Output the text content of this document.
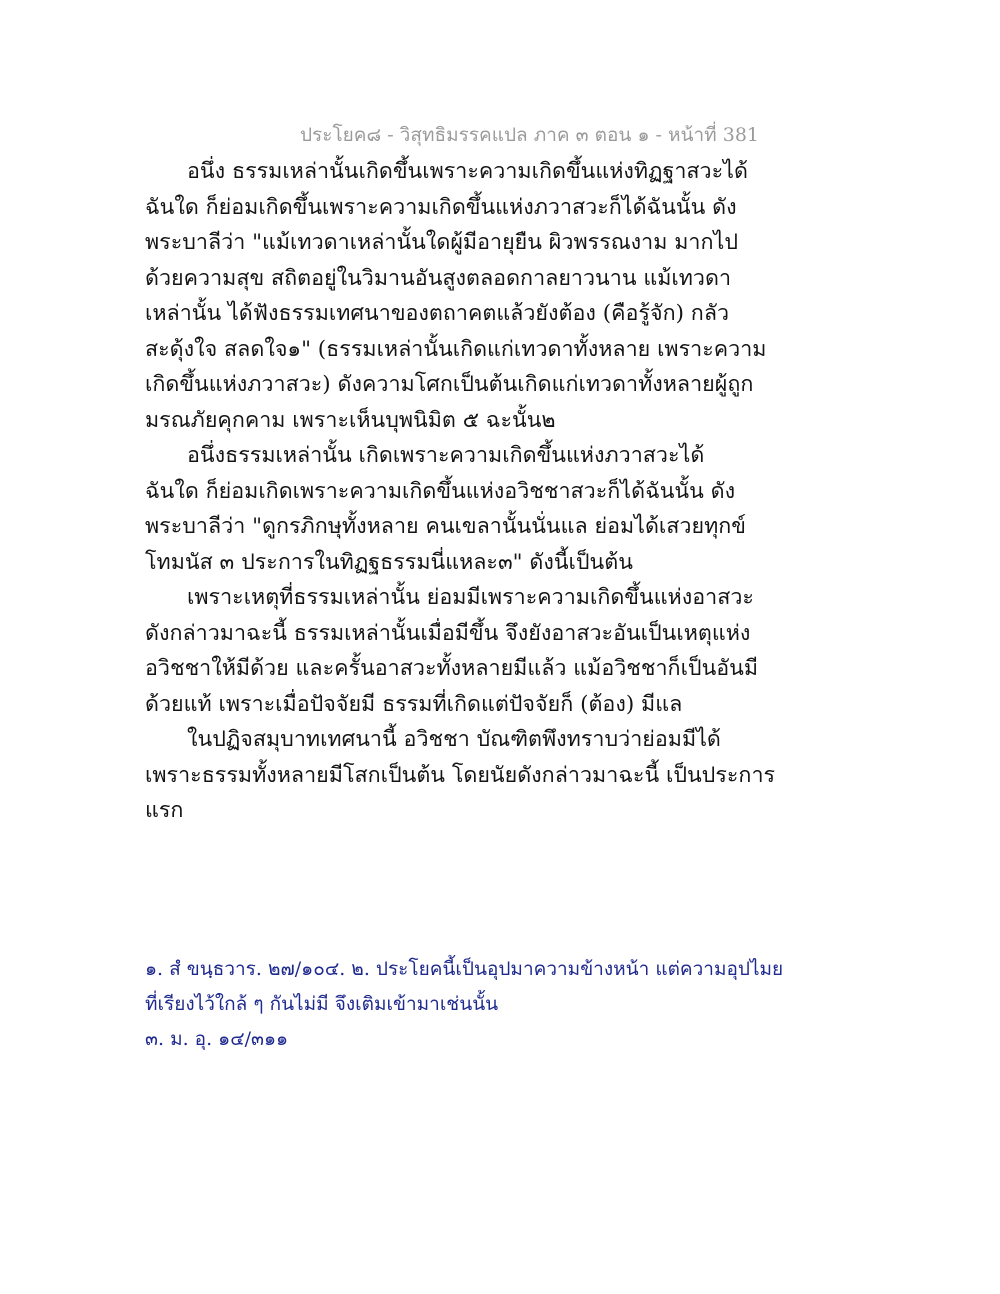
ประโยค๘ - วิสุทธิมรรคแปล ภาค ๓ ตอน ๑ - หน้าที่ 381
อนึ่ง ธรรมเหล่านั้นเกิดขึ้นเพราะความเกิดขึ้นแห่งทิฏฐาสวะได้
ฉันใด ก็ย่อมเกิดขึ้นเพราะความเกิดขึ้นแห่งภวาสวะก็ได้ฉันนั้น ดัง
พระบาลีว่า "แม้เทวดาเหล่านั้นใดผู้มีอายุยืน ผิวพรรณงาม มากไป
ด้วยความสุข สถิตอยู่ในวิมานอันสูงตลอดกาลยาวนาน แม้เทวดา
เหล่านั้น ได้ฟังธรรมเทศนาของตถาคตแล้วยังต้อง (คือรู้จัก) กลัว
สะดุ้งใจ สลดใจ๑" (ธรรมเหล่านั้นเกิดแก่เทวดาทั้งหลาย เพราะความ
เกิดขึ้นแห่งภวาสวะ) ดังความโศกเป็นต้นเกิดแก่เทวดาทั้งหลายผู้ถูก
มรณภัยคุกคาม เพราะเห็นบุพนิมิต ๕ ฉะนั้น๒
อนึ่งธรรมเหล่านั้น เกิดเพราะความเกิดขึ้นแห่งภวาสวะได้
ฉันใด ก็ย่อมเกิดเพราะความเกิดขึ้นแห่งอวิชชาสวะก็ได้ฉันนั้น ดัง
พระบาลีว่า "ดูกรภิกษุทั้งหลาย คนเขลานั้นนั่นแล ย่อมได้เสวยทุกข์
โทมนัส ๓ ประการในทิฏฐธรรมนี่แหละ๓" ดังนี้เป็นต้น
เพราะเหตุที่ธรรมเหล่านั้น ย่อมมีเพราะความเกิดขึ้นแห่งอาสวะ
ดังกล่าวมาฉะนี้ ธรรมเหล่านั้นเมื่อมีขึ้น จึงยังอาสวะอันเป็นเหตุแห่ง
อวิชชาให้มีด้วย และครั้นอาสวะทั้งหลายมีแล้ว แม้อวิชชาก็เป็นอันมี
ด้วยแท้ เพราะเมื่อปัจจัยมี ธรรมที่เกิดแต่ปัจจัยก็ (ต้อง) มีแล
ในปฏิจสมุบาทเทศนานี้ อวิชชา บัณฑิตพึงทราบว่าย่อมมีได้
เพราะธรรมทั้งหลายมีโสกเป็นต้น โดยนัยดังกล่าวมาฉะนี้ เป็นประการ
แรก
๑. สํ ขนฺธวาร. ๒๗/๑๐๔. ๒. ประโยคนี้เป็นอุปมาความข้างหน้า แต่ความอุปไมย
ที่เรียงไว้ใกล้ ๆ กันไม่มี จึงเติมเข้ามาเช่นนั้น
๓. ม. อุ. ๑๔/๓๑๑
